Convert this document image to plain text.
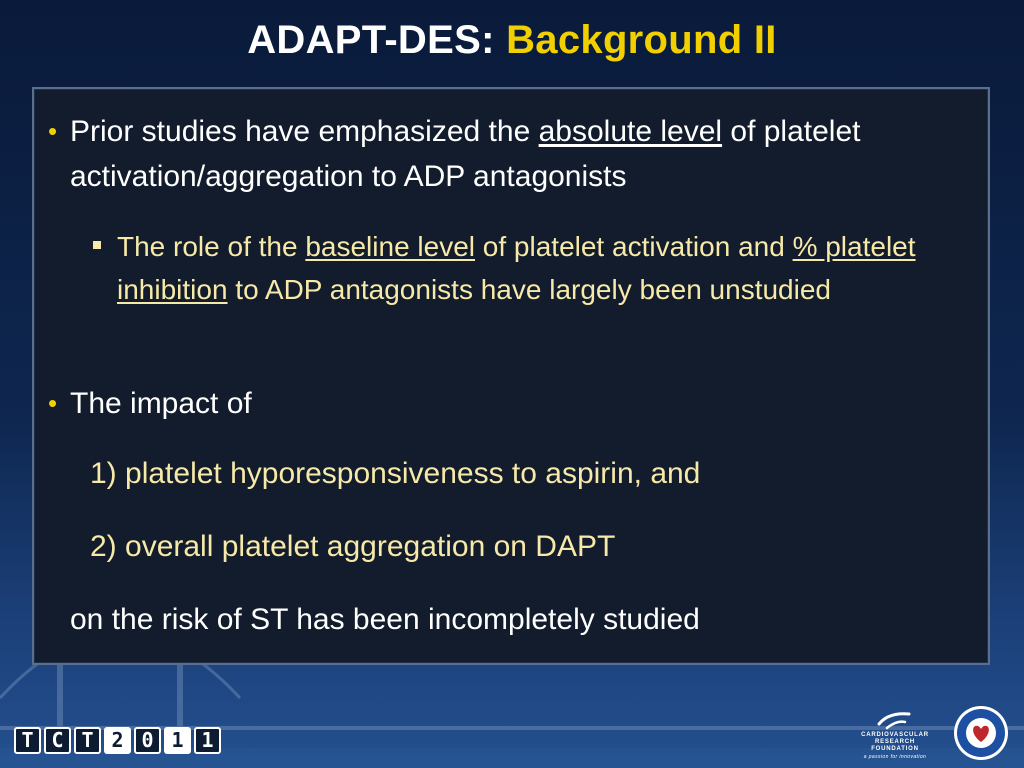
ADAPT-DES: Background II
• Prior studies have emphasized the absolute level of platelet activation/aggregation to ADP antagonists
The role of the baseline level of platelet activation and % platelet inhibition to ADP antagonists have largely been unstudied
• The impact of
1) platelet hyporesponsiveness to aspirin, and
2) overall platelet aggregation on DAPT
on the risk of ST has been incompletely studied
T C T 2 0 1 1	CARDIOVASCULAR RESEARCH FOUNDATION
a passion for innovation
